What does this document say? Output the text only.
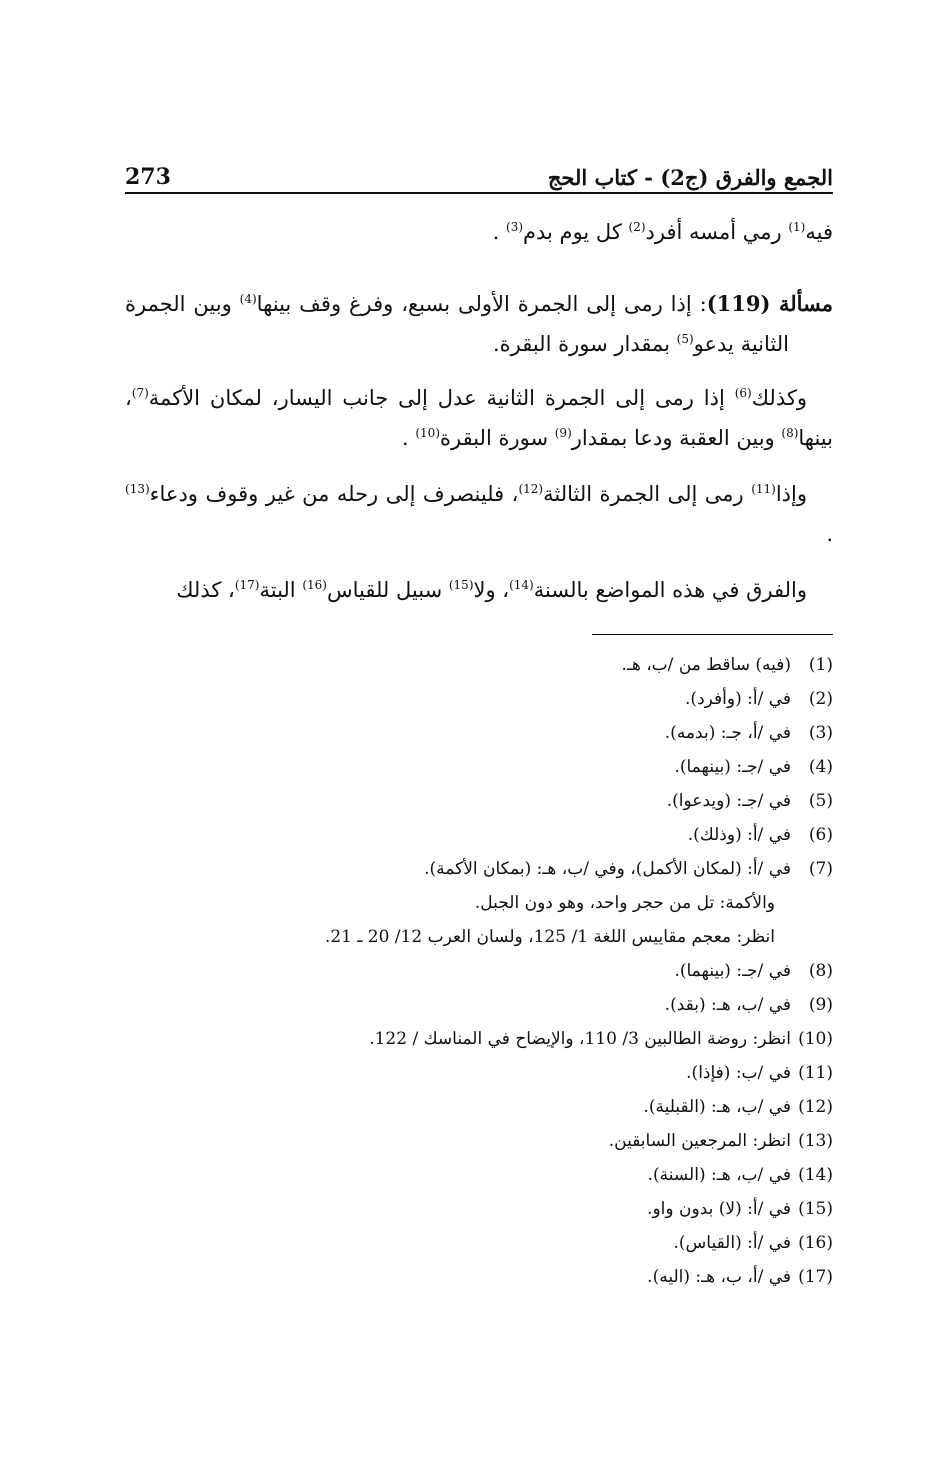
273	الجمع والفرق (ج2) - كتاب الحج
فيه$^{(1)}$ رمي أمسه أفرد$^{(2)}$ كل يوم بدم$^{(3)}$ .
مسألة (119): إذا رمى إلى الجمرة الأولى بسبع، وفرغ وقف بينها$^{(4)}$ وبين الجمرة الثانية يدعو$^{(5)}$ بمقدار سورة البقرة.
وكذلك$^{(6)}$ إذا رمى إلى الجمرة الثانية عدل إلى جانب اليسار، لمكان الأكمة$^{(7)}$، بينها$^{(8)}$ وبين العقبة ودعا بمقدار$^{(9)}$ سورة البقرة$^{(10)}$ .
وإذا$^{(11)}$ رمى إلى الجمرة الثالثة$^{(12)}$، فلينصرف إلى رحله من غير وقوف ودعاء$^{(13)}$ .
والفرق في هذه المواضع بالسنة$^{(14)}$، ولا$^{(15)}$ سبيل للقياس$^{(16)}$ البتة$^{(17)}$، كذلك
(1)
(فيه) ساقط من /ب، هـ.
(2)
في /أ: (وأفرد).
(3)
في /أ، جـ: (بدمه).
(4)
في /جـ: (بينهما).
(5)
في /جـ: (ويدعوا).
(6)
في /أ: (وذلك).
(7)
في /أ: (لمكان الأكمل)، وفي /ب، هـ: (بمكان الأكمة).
والأكمة: تل من حجر واحد، وهو دون الجبل.
انظر: معجم مقاييس اللغة 1/ 125، ولسان العرب 12/ 20 ـ 21.
(8)
في /جـ: (بينهما).
(9)
في /ب، هـ: (بقد).
(10)
انظر: روضة الطالبين 3/ 110، والإيضاح في المناسك / 122.
(11)
في /ب: (فإذا).
(12)
في /ب، هـ: (القبلية).
(13)
انظر: المرجعين السابقين.
(14)
في /ب، هـ: (السنة).
(15)
في /أ: (لا) بدون واو.
(16)
في /أ: (القياس).
(17)
في /أ، ب، هـ: (اليه).
